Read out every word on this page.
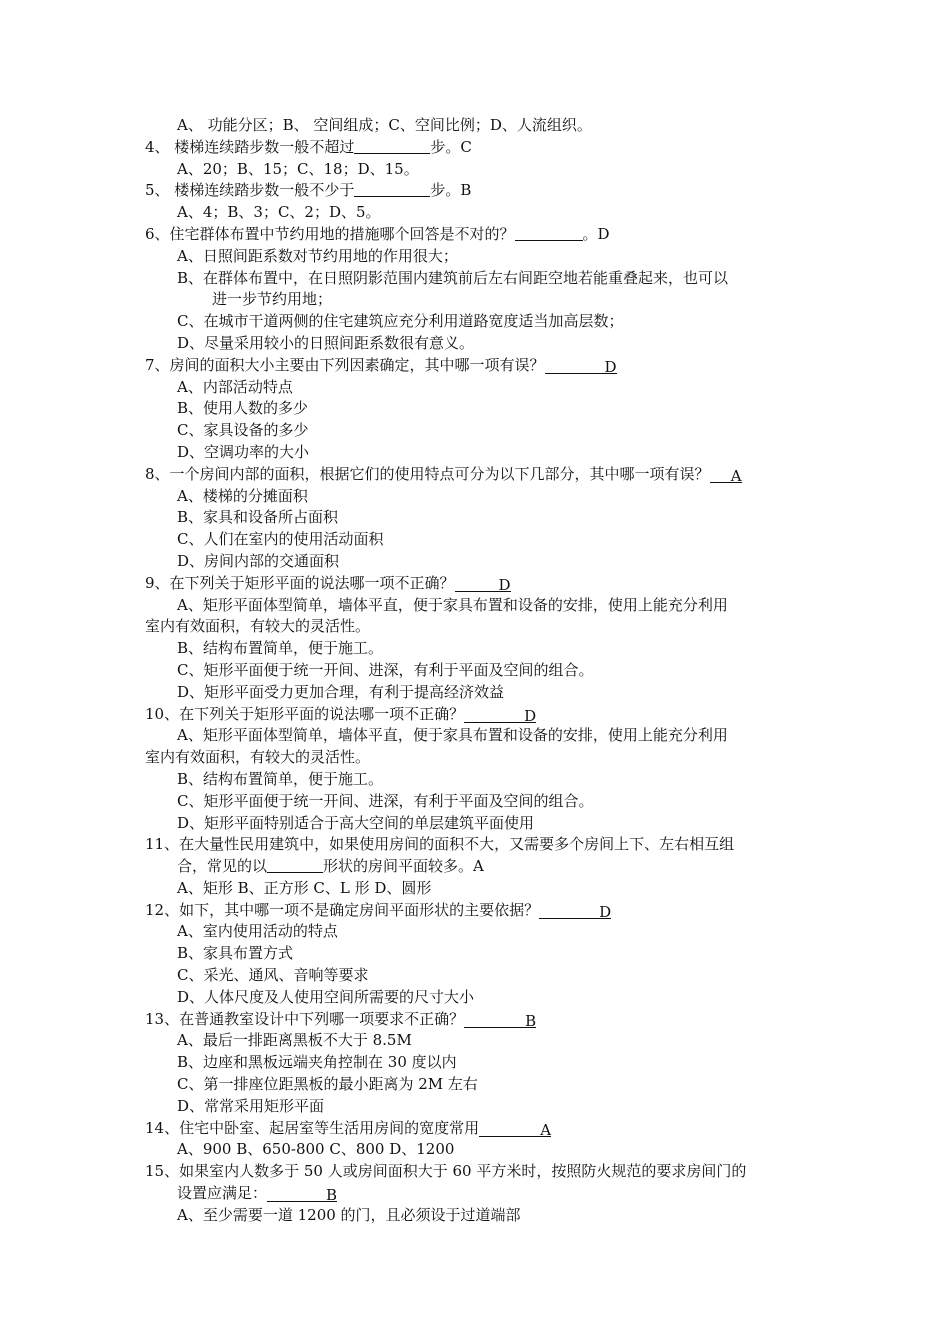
A、 功能分区；B、 空间组成；C、空间比例；D、人流组织。
4、 楼梯连续踏步数一般不超过	步。C
A、20；B、15；C、18；D、15。
5、 楼梯连续踏步数一般不少于	步。B
A、4；B、3；C、2；D、5。
6、住宅群体布置中节约用地的措施哪个回答是不对的？	。D
A、日照间距系数对节约用地的作用很大；
B、在群体布置中，在日照阴影范围内建筑前后左右间距空地若能重叠起来，也可以
进一步节约用地；
C、在城市干道两侧的住宅建筑应充分利用道路宽度适当加高层数；
D、尽量采用较小的日照间距系数很有意义。
7、房间的面积大小主要由下列因素确定，其中哪一项有误？	D
A、内部活动特点
B、使用人数的多少
C、家具设备的多少
D、空调功率的大小
8、一个房间内部的面积，根据它们的使用特点可分为以下几部分，其中哪一项有误？ A
A、楼梯的分摊面积
B、家具和设备所占面积
C、人们在室内的使用活动面积
D、房间内部的交通面积
9、在下列关于矩形平面的说法哪一项不正确？	D
A、矩形平面体型简单，墙体平直，便于家具布置和设备的安排，使用上能充分利用
室内有效面积，有较大的灵活性。
B、结构布置简单，便于施工。
C、矩形平面便于统一开间、进深，有利于平面及空间的组合。
D、矩形平面受力更加合理，有利于提高经济效益
10、在下列关于矩形平面的说法哪一项不正确？	D
A、矩形平面体型简单，墙体平直，便于家具布置和设备的安排，使用上能充分利用
室内有效面积，有较大的灵活性。
B、结构布置简单，便于施工。
C、矩形平面便于统一开间、进深，有利于平面及空间的组合。
D、矩形平面特别适合于高大空间的单层建筑平面使用
11、在大量性民用建筑中，如果使用房间的面积不大，又需要多个房间上下、左右相互组
合，常见的以	形状的房间平面较多。A
A、矩形 B、正方形 C、L 形 D、圆形
12、如下，其中哪一项不是确定房间平面形状的主要依据？	D
A、室内使用活动的特点
B、家具布置方式
C、采光、通风、音响等要求
D、人体尺度及人使用空间所需要的尺寸大小
13、在普通教室设计中下列哪一项要求不正确？	B
A、最后一排距离黑板不大于 8.5M
B、边座和黑板远端夹角控制在 30 度以内
C、第一排座位距黑板的最小距离为 2M 左右
D、常常采用矩形平面
14、住宅中卧室、起居室等生活用房间的宽度常用	A
A、900 B、650-800 C、800 D、1200
15、如果室内人数多于 50 人或房间面积大于 60 平方米时，按照防火规范的要求房间门的
设置应满足：	B
A、至少需要一道 1200 的门，且必须设于过道端部
